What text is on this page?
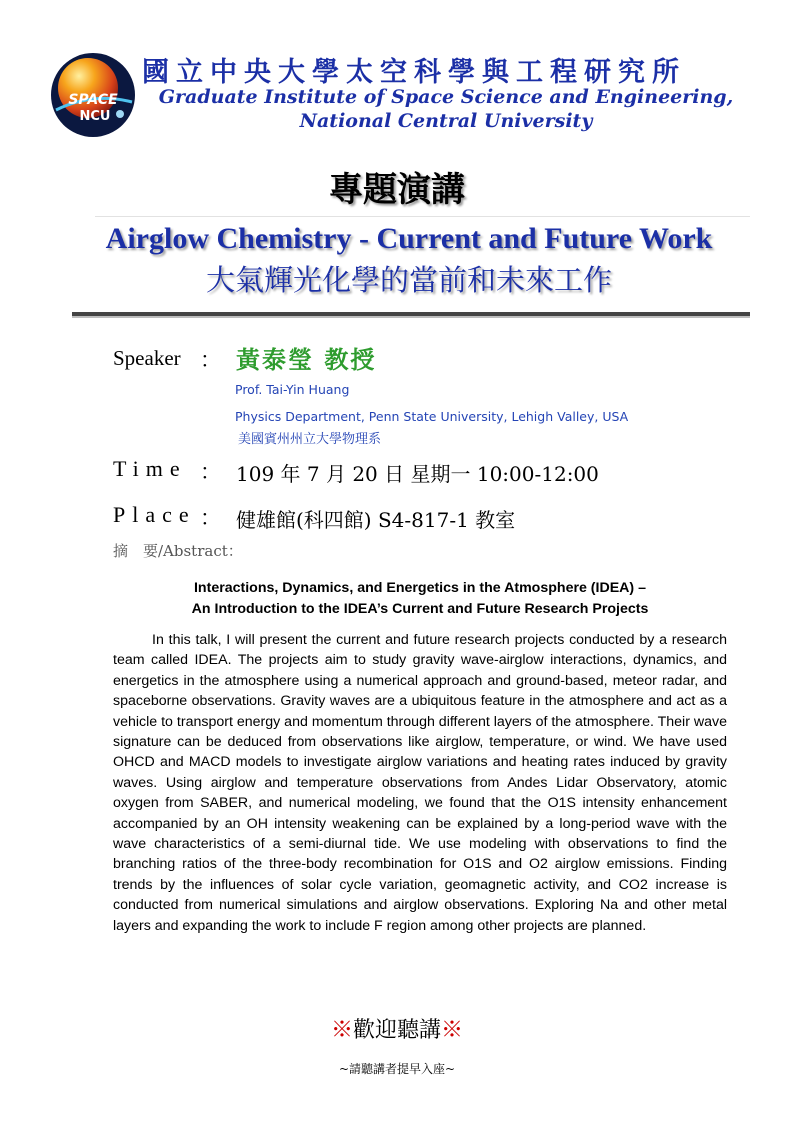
SPACE
NCU
國立中央大學太空科學與工程研究所
Graduate Institute of Space Science and Engineering,
National Central University
專題演講
Airglow Chemistry - Current and Future Work
大氣輝光化學的當前和未來工作
Speaker ： 黃泰瑩 教授
Prof. Tai-Yin Huang
Physics Department, Penn State University, Lehigh Valley, USA
美國賓州州立大學物理系
Time ： 109 年 7 月 20 日 星期一 10:00-12:00
Place ： 健雄館(科四館) S4-817-1 教室
摘　要/Abstract：
Interactions, Dynamics, and Energetics in the Atmosphere (IDEA) –
An Introduction to the IDEA’s Current and Future Research Projects

In this talk, I will present the current and future research projects conducted by a research team called IDEA. The projects aim to study gravity wave-airglow interactions, dynamics, and energetics in the atmosphere using a numerical approach and ground-based, meteor radar, and spaceborne observations. Gravity waves are a ubiquitous feature in the atmosphere and act as a vehicle to transport energy and momentum through different layers of the atmosphere. Their wave signature can be deduced from observations like airglow, temperature, or wind. We have used OHCD and MACD models to investigate airglow variations and heating rates induced by gravity waves. Using airglow and temperature observations from Andes Lidar Observatory, atomic oxygen from SABER, and numerical modeling, we found that the O1S intensity enhancement accompanied by an OH intensity weakening can be explained by a long-period wave with the wave characteristics of a semi-diurnal tide. We use modeling with observations to find the branching ratios of the three-body recombination for O1S and O2 airglow emissions. Finding trends by the influences of solar cycle variation, geomagnetic activity, and CO2 increase is conducted from numerical simulations and airglow observations. Exploring Na and other metal layers and expanding the work to include F region among other projects are planned.

※歡迎聽講※
~請聽講者提早入座~
